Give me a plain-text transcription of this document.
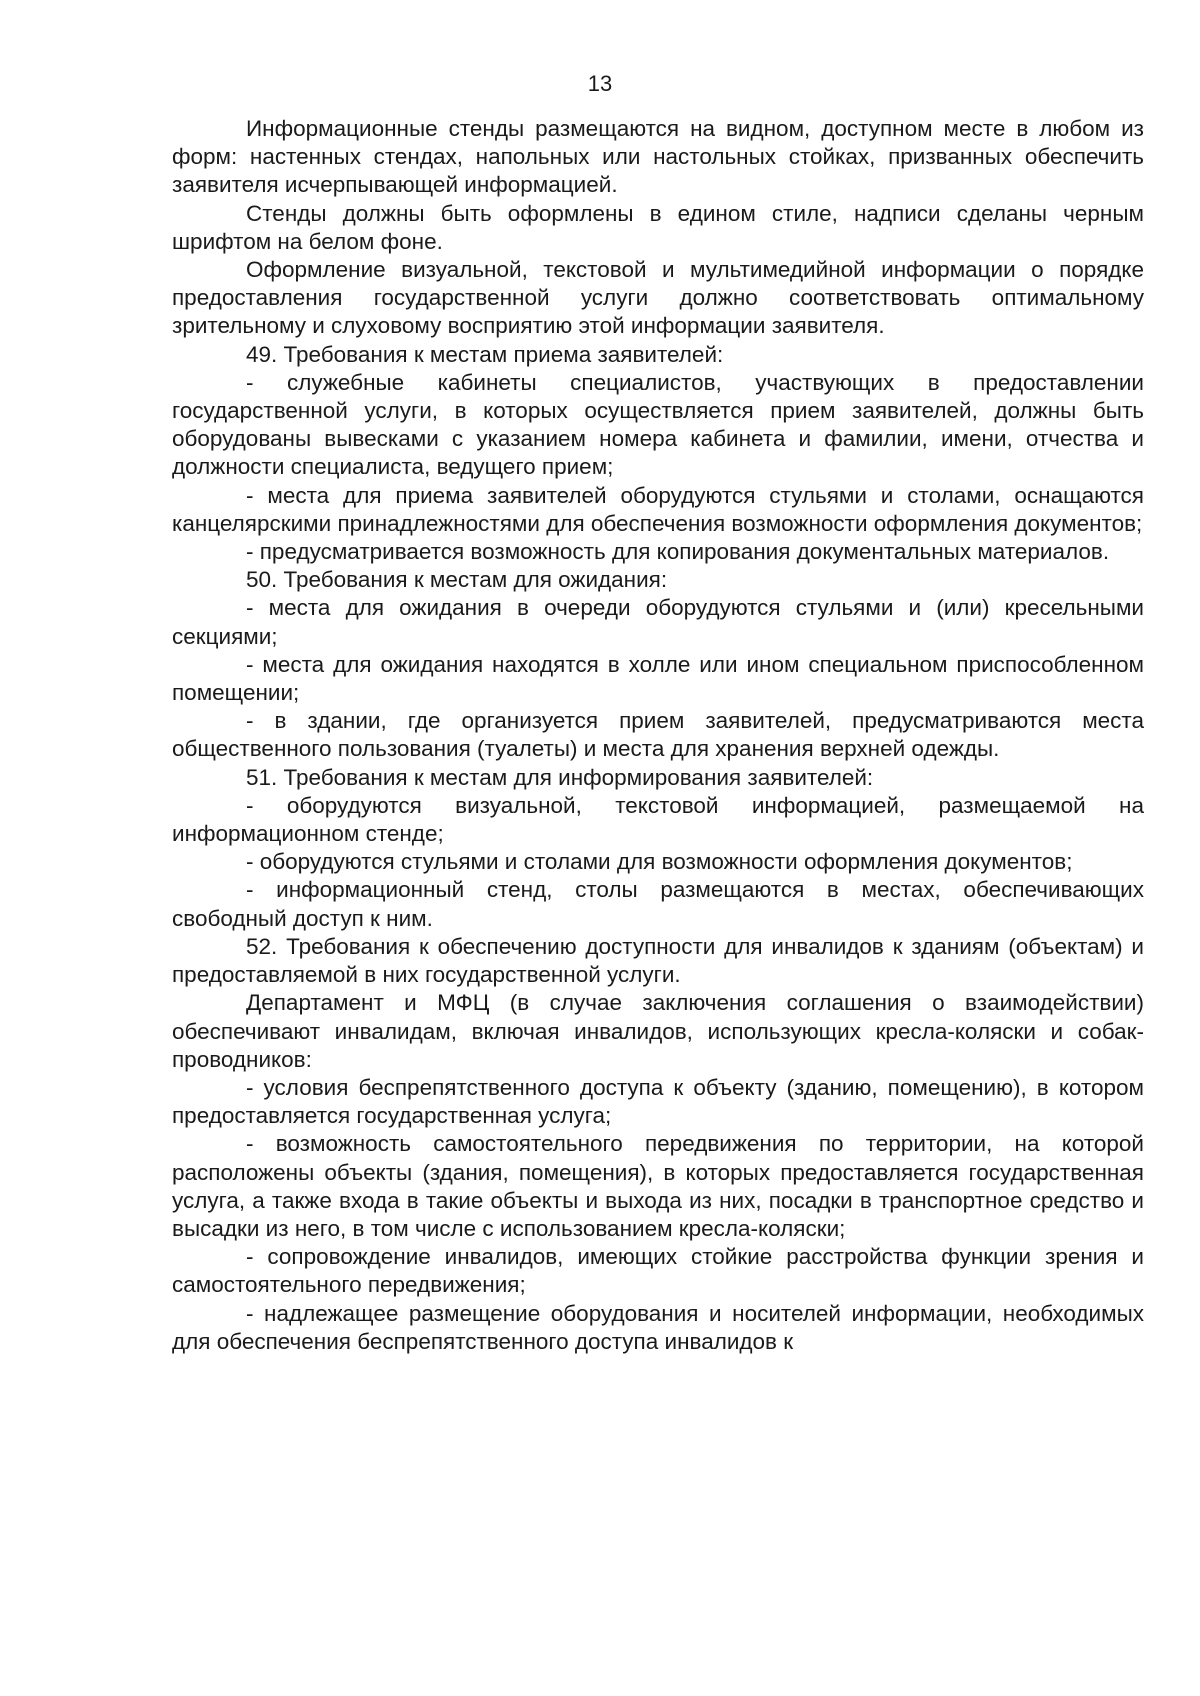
13

Информационные стенды размещаются на видном, доступном месте в любом из форм: настенных стендах, напольных или настольных стойках, призванных обеспечить заявителя исчерпывающей информацией.

Стенды должны быть оформлены в едином стиле, надписи сделаны черным шрифтом на белом фоне.

Оформление визуальной, текстовой и мультимедийной информации о порядке предоставления государственной услуги должно соответствовать оптимальному зрительному и слуховому восприятию этой информации заявителя.

49. Требования к местам приема заявителей:

- служебные кабинеты специалистов, участвующих в предоставлении государственной услуги, в которых осуществляется прием заявителей, должны быть оборудованы вывесками с указанием номера кабинета и фамилии, имени, отчества и должности специалиста, ведущего прием;

- места для приема заявителей оборудуются стульями и столами, оснащаются канцелярскими принадлежностями для обеспечения возможности оформления документов;

- предусматривается возможность для копирования документальных материалов.

50. Требования к местам для ожидания:

- места для ожидания в очереди оборудуются стульями и (или) кресельными секциями;

- места для ожидания находятся в холле или ином специальном приспособленном помещении;

- в здании, где организуется прием заявителей, предусматриваются места общественного пользования (туалеты) и места для хранения верхней одежды.

51. Требования к местам для информирования заявителей:

- оборудуются визуальной, текстовой информацией, размещаемой на информационном стенде;

- оборудуются стульями и столами для возможности оформления документов;

- информационный стенд, столы размещаются в местах, обеспечивающих свободный доступ к ним.

52. Требования к обеспечению доступности для инвалидов к зданиям (объектам) и предоставляемой в них государственной услуги.

Департамент и МФЦ (в случае заключения соглашения о взаимодействии) обеспечивают инвалидам, включая инвалидов, использующих кресла-коляски и собак-проводников:

- условия беспрепятственного доступа к объекту (зданию, помещению), в котором предоставляется государственная услуга;

- возможность самостоятельного передвижения по территории, на которой расположены объекты (здания, помещения), в которых предоставляется государственная услуга, а также входа в такие объекты и выхода из них, посадки в транспортное средство и высадки из него, в том числе с использованием кресла-коляски;

- сопровождение инвалидов, имеющих стойкие расстройства функции зрения и самостоятельного передвижения;

- надлежащее размещение оборудования и носителей информации, необходимых для обеспечения беспрепятственного доступа инвалидов к
